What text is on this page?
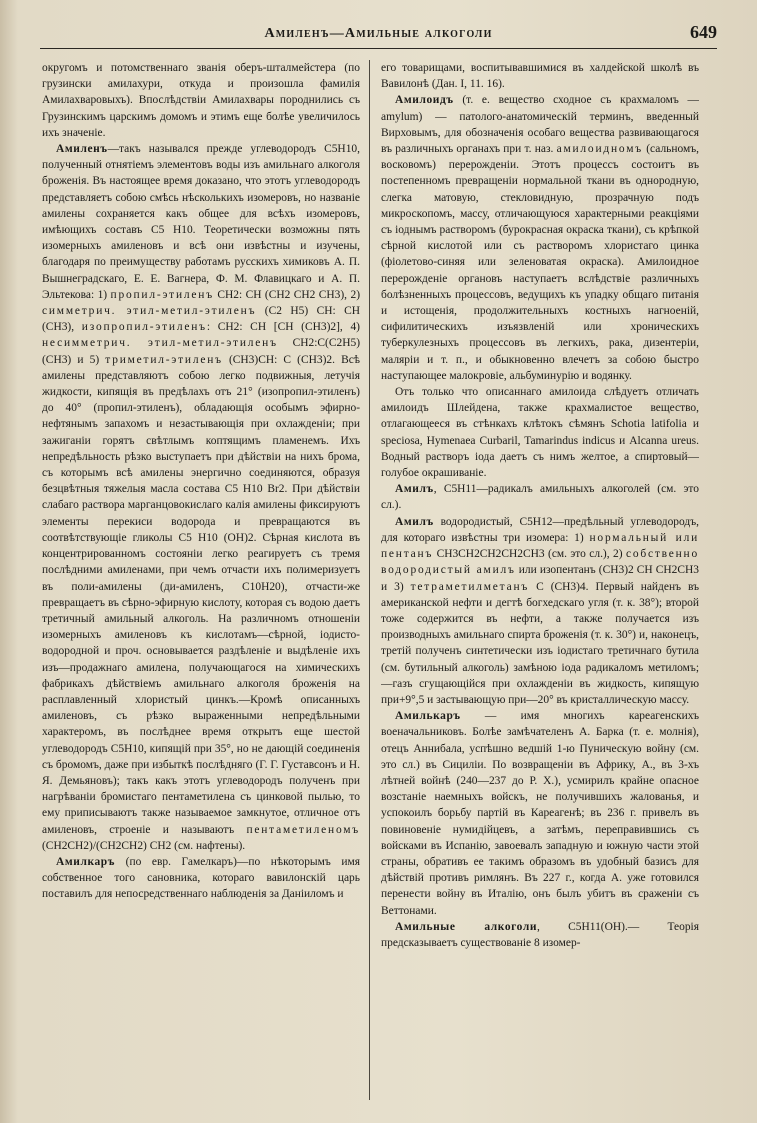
Амиленъ—Амильные алкоголи	649

округомъ и потомственнаго званія оберъ-шталмейстера (по грузински амилахури, откуда и произошла фамилія Амилахваровыхъ). Впослѣдствіи Амилахвары породнились съ Грузинскимъ царскимъ домомъ и этимъ еще болѣе увеличилось ихъ значеніе.

Амиленъ—такъ назывался прежде углеводородъ C5H10, полученный отнятіемъ элементовъ воды изъ амильнаго алкоголя броженія. Въ настоящее время доказано, что этотъ углеводородъ представляетъ собою смѣсь нѣсколькихъ изомеровъ, но названіе амилены сохраняется какъ общее для всѣхъ изомеровъ, имѣющихъ составъ C5 H10. Теоретически возможны пять изомерныхъ амиленовъ и всѣ они извѣстны и изучены, благодаря по преимуществу работамъ русскихъ химиковъ А. П. Вышнеградскаго, Е. Е. Вагнера, Ф. М. Флавицкаго и А. П. Эльтекова: 1) пропил-этиленъ CH2: CH (CH2 CH2 CH3), 2) симметрич. этил-метил-этиленъ (C2 H5) CH: CH (CH3), изопропил-этиленъ: CH2: CH [CH (CH3)2], 4) несимметрич. этил-метил-этиленъ CH2:C(C2H5)(CH3) и 5) триметил-этиленъ (CH3)CH: C (CH3)2. Всѣ амилены представляютъ собою легко подвижныя, летучія жидкости, кипящія въ предѣлахъ отъ 21° (изопропил-этиленъ) до 40° (пропил-этиленъ), обладающія особымъ эфирно-нефтянымъ запахомъ и незастывающія при охлажденіи; при зажиганіи горятъ свѣтлымъ коптящимъ пламенемъ. Ихъ непредѣльность рѣзко выступаетъ при дѣйствіи на нихъ брома, съ которымъ всѣ амилены энергично соединяются, образуя безцвѣтныя тяжелыя масла состава C5 H10 Br2. При дѣйствіи слабаго раствора марганцовокислаго калія амилены фиксируютъ элементы перекиси водорода и превращаются въ соотвѣтствующіе гликолы C5 H10 (OH)2. Сѣрная кислота въ концентрированномъ состояніи легко реагируетъ съ тремя послѣдними амиленами, при чемъ отчасти ихъ полимеризуетъ въ поли-амилены (ди-амиленъ, C10H20), отчасти-же превращаетъ въ сѣрно-эфирную кислоту, которая съ водою даетъ третичный амильный алкоголь. На различномъ отношеніи изомерныхъ амиленовъ къ кислотамъ—сѣрной, іодисто-водородной и проч. основывается раздѣленіе и выдѣленіе ихъ изъ—продажнаго амилена, получающагося на химическихъ фабрикахъ дѣйствіемъ амильнаго алкоголя броженія на расплавленный хлористый цинкъ.—Кромѣ описанныхъ амиленовъ, съ рѣзко выраженными непредѣльными характеромъ, въ послѣднее время открытъ еще шестой углеводородъ C5H10, кипящій при 35°, но не дающій соединенія съ бромомъ, даже при избыткѣ послѣдняго (Г. Г. Густавсонъ и Н. Я. Демьяновъ); такъ какъ этотъ углеводородъ полученъ при нагрѣваніи бромистаго пентаметилена съ цинковой пылью, то ему приписываютъ также называемое замкнутое, отличное отъ амиленовъ, строеніе и называютъ пентаметиленомъ (CH2CH2)/(CH2CH2) CH2 (см. нафтены).

Амилкаръ (по евр. Гамелкаръ)—по нѣкоторымъ имя собственное того сановника, котораго вавилонскій царь поставилъ для непосредственнаго наблюденія за Даніиломъ и

его товарищами, воспитывавшимися въ халдейской школѣ въ Вавилонѣ (Дан. I, 11. 16).

Амилоидъ (т. е. вещество сходное съ крахмаломъ — amylum) — патолого-анатомическій терминъ, введенный Вирховымъ, для обозначенія особаго вещества развивающагося въ различныхъ органахъ при т. наз. амилоидномъ (сальномъ, восковомъ) перерожденіи. Этотъ процессъ состоитъ въ постепенномъ превращеніи нормальной ткани въ однородную, слегка матовую, стекловидную, прозрачную подъ микроскопомъ, массу, отличающуюся характерными реакціями съ іоднымъ растворомъ (бурокрасная окраска ткани), съ крѣпкой сѣрной кислотой или съ растворомъ хлористаго цинка (фіолетово-синяя или зеленоватая окраска). Амилоидное перерожденіе органовъ наступаетъ вслѣдствіе различныхъ болѣзненныхъ процессовъ, ведущихъ къ упадку общаго питанія и истощенія, продолжительныхъ костныхъ нагноеній, сифилитическихъ изъязвленій или хроническихъ туберкулезныхъ процессовъ въ легкихъ, рака, дизентеріи, маляріи и т. п., и обыкновенно влечетъ за собою быстро наступающее малокровіе, альбуминурію и водянку.

Отъ только что описаннаго амилоида слѣдуетъ отличать амилоидъ Шлейдена, также крахмалистое вещество, отлагающееся въ стѣнкахъ клѣтокъ сѣмянъ Schotia latifolia и speciosa, Hymenaea Curbaril, Tamarindus indicus и Alcanna ureus. Водный растворъ іода даетъ съ нимъ желтое, а спиртовый—голубое окрашиваніе.

Амилъ, C5H11—радикалъ амильныхъ алкоголей (см. это сл.).

Амилъ водородистый, C5H12—предѣльный углеводородъ, для котораго извѣстны три изомера: 1) нормальный или пентанъ CH3CH2CH2CH2CH3 (см. это сл.), 2) собственно водородистый амилъ или изопентанъ (CH3)2 CH CH2CH3 и 3) тетраметилметанъ C (CH3)4. Первый найденъ въ американской нефти и дегтѣ богхедскаго угля (т. к. 38°); второй тоже содержится въ нефти, а также получается изъ производныхъ амильнаго спирта броженія (т. к. 30°) и, наконецъ, третій полученъ синтетически изъ іодистаго третичнаго бутила (см. бутильный алкоголь) замѣною іода радикаломъ метиломъ;—газъ сгущающійся при охлажденіи въ жидкость, кипящую при+9°,5 и застывающую при—20° въ кристаллическую массу.

Амилькаръ — имя многихъ кареагенскихъ военачальниковъ. Болѣе замѣчателенъ А. Барка (т. е. молнія), отецъ Аннибала, успѣшно ведшій 1-ю Пуническую войну (см. это сл.) въ Сициліи. По возвращеніи въ Африку, А., въ 3-хъ лѣтней войнѣ (240—237 до Р. Х.), усмирилъ крайне опасное возстаніе наемныхъ войскъ, не получившихъ жалованья, и успокоилъ борьбу партій въ Кареагенѣ; въ 236 г. привелъ въ повиновеніе нумидійцевъ, а затѣмъ, переправившись съ войсками въ Испанію, завоевалъ западную и южную части этой страны, обративъ ее такимъ образомъ въ удобный базисъ для дѣйствій противъ римлянъ. Въ 227 г., когда А. уже готовился перенести войну въ Италію, онъ былъ убитъ въ сраженіи съ Веттонами.

Амильные алкоголи, C5H11(OH).— Теорія предсказываетъ существованіе 8 изомер-
